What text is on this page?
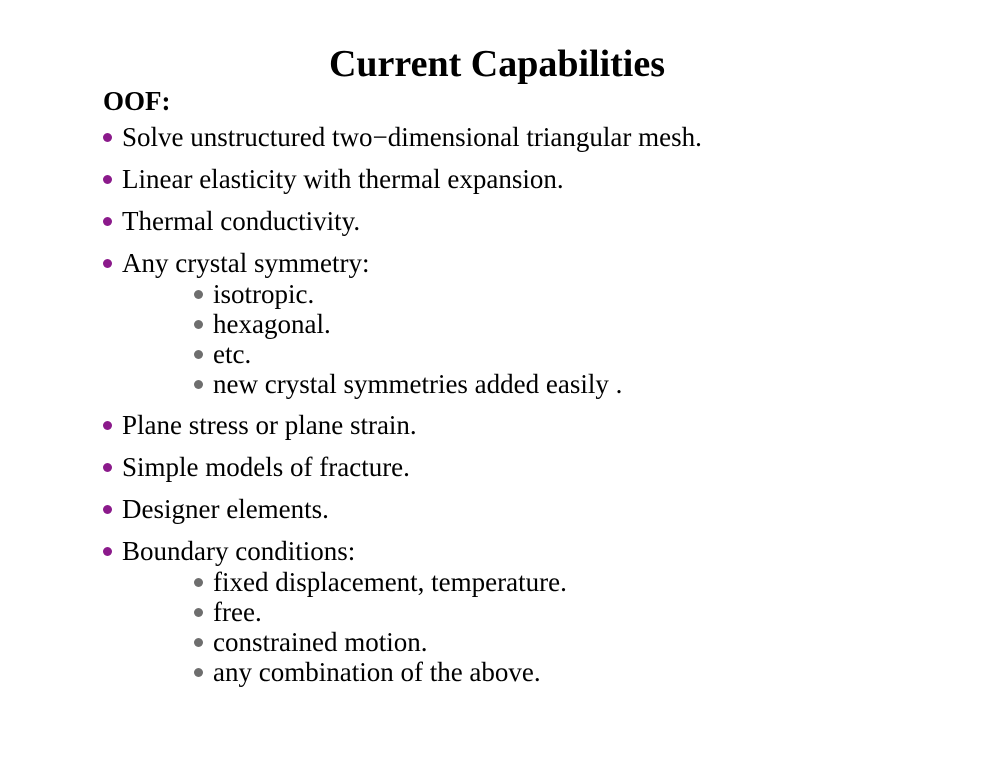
Current Capabilities
OOF:
Solve unstructured two−dimensional triangular mesh.
Linear elasticity with thermal expansion.
Thermal conductivity.
Any crystal symmetry:
isotropic.
hexagonal.
etc.
new crystal symmetries added easily .
Plane stress or plane strain.
Simple models of fracture.
Designer elements.
Boundary conditions:
fixed displacement, temperature.
free.
constrained motion.
any combination of the above.
